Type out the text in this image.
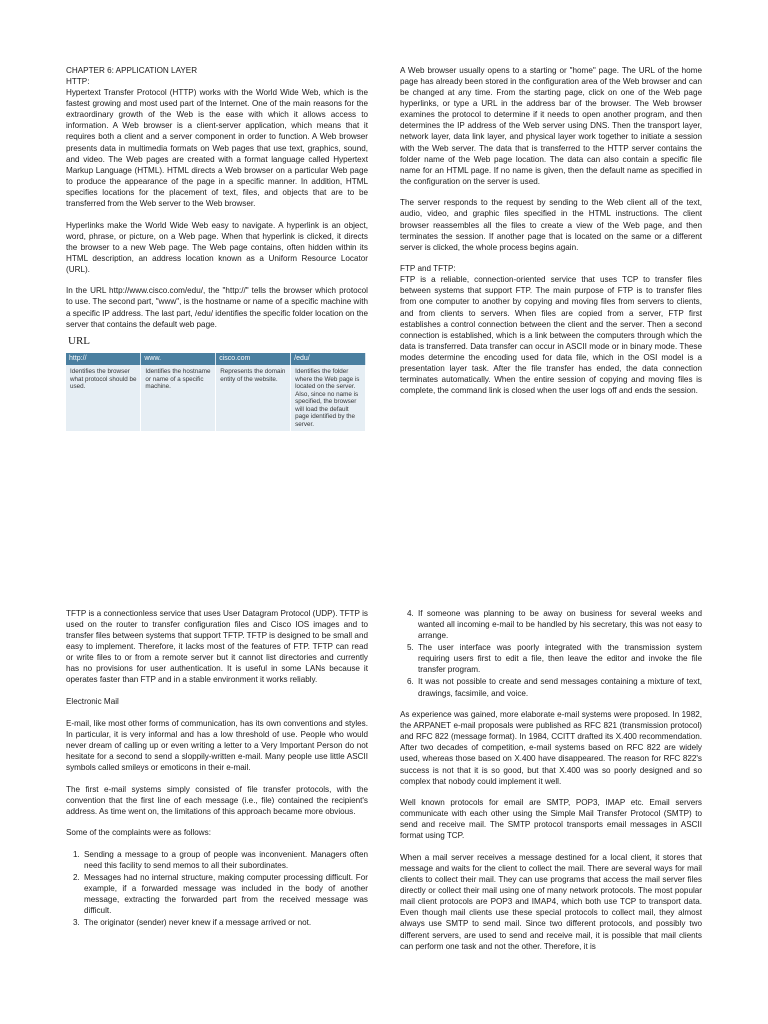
CHAPTER 6: APPLICATION LAYER
HTTP:

Hypertext Transfer Protocol (HTTP) works with the World Wide Web, which is the fastest growing and most used part of the Internet. One of the main reasons for the extraordinary growth of the Web is the ease with which it allows access to information. A Web browser is a client-server application, which means that it requires both a client and a server component in order to function. A Web browser presents data in multimedia formats on Web pages that use text, graphics, sound, and video. The Web pages are created with a format language called Hypertext Markup Language (HTML). HTML directs a Web browser on a particular Web page to produce the appearance of the page in a specific manner. In addition, HTML specifies locations for the placement of text, files, and objects that are to be transferred from the Web server to the Web browser.

Hyperlinks make the World Wide Web easy to navigate. A hyperlink is an object, word, phrase, or picture, on a Web page. When that hyperlink is clicked, it directs the browser to a new Web page. The Web page contains, often hidden within its HTML description, an address location known as a Uniform Resource Locator (URL).

In the URL http://www.cisco.com/edu/, the "http://" tells the browser which protocol to use. The second part, "www", is the hostname or name of a specific machine with a specific IP address. The last part, /edu/ identifies the specific folder location on the server that contains the default web page.

URL
http://	www.	cisco.com	/edu/
Identifies the browser what protocol should be used.	Identifies the hostname or name of a specific machine.	Represents the domain entity of the website.	Identifies the folder where the Web page is located on the server. Also, since no name is specified, the browser will load the default page identified by the server.

A Web browser usually opens to a starting or "home" page. The URL of the home page has already been stored in the configuration area of the Web browser and can be changed at any time. From the starting page, click on one of the Web page hyperlinks, or type a URL in the address bar of the browser. The Web browser examines the protocol to determine if it needs to open another program, and then determines the IP address of the Web server using DNS. Then the transport layer, network layer, data link layer, and physical layer work together to initiate a session with the Web server. The data that is transferred to the HTTP server contains the folder name of the Web page location. The data can also contain a specific file name for an HTML page. If no name is given, then the default name as specified in the configuration on the server is used.

The server responds to the request by sending to the Web client all of the text, audio, video, and graphic files specified in the HTML instructions. The client browser reassembles all the files to create a view of the Web page, and then terminates the session. If another page that is located on the same or a different server is clicked, the whole process begins again.

FTP and TFTP:

FTP is a reliable, connection-oriented service that uses TCP to transfer files between systems that support FTP. The main purpose of FTP is to transfer files from one computer to another by copying and moving files from servers to clients, and from clients to servers. When files are copied from a server, FTP first establishes a control connection between the client and the server. Then a second connection is established, which is a link between the computers through which the data is transferred. Data transfer can occur in ASCII mode or in binary mode. These modes determine the encoding used for data file, which in the OSI model is a presentation layer task. After the file transfer has ended, the data connection terminates automatically. When the entire session of copying and moving files is complete, the command link is closed when the user logs off and ends the session.

TFTP is a connectionless service that uses User Datagram Protocol (UDP). TFTP is used on the router to transfer configuration files and Cisco IOS images and to transfer files between systems that support TFTP. TFTP is designed to be small and easy to implement. Therefore, it lacks most of the features of FTP. TFTP can read or write files to or from a remote server but it cannot list directories and currently has no provisions for user authentication. It is useful in some LANs because it operates faster than FTP and in a stable environment it works reliably.

Electronic Mail

E-mail, like most other forms of communication, has its own conventions and styles. In particular, it is very informal and has a low threshold of use. People who would never dream of calling up or even writing a letter to a Very Important Person do not hesitate for a second to send a sloppily-written e-mail. Many people use little ASCII symbols called smileys or emoticons in their e-mail.

The first e-mail systems simply consisted of file transfer protocols, with the convention that the first line of each message (i.e., file) contained the recipient's address. As time went on, the limitations of this approach became more obvious.

Some of the complaints were as follows:

1. Sending a message to a group of people was inconvenient. Managers often need this facility to send memos to all their subordinates.
2. Messages had no internal structure, making computer processing difficult. For example, if a forwarded message was included in the body of another message, extracting the forwarded part from the received message was difficult.
3. The originator (sender) never knew if a message arrived or not.
4. If someone was planning to be away on business for several weeks and wanted all incoming e-mail to be handled by his secretary, this was not easy to arrange.
5. The user interface was poorly integrated with the transmission system requiring users first to edit a file, then leave the editor and invoke the file transfer program.
6. It was not possible to create and send messages containing a mixture of text, drawings, facsimile, and voice.

As experience was gained, more elaborate e-mail systems were proposed. In 1982, the ARPANET e-mail proposals were published as RFC 821 (transmission protocol) and RFC 822 (message format). In 1984, CCITT drafted its X.400 recommendation. After two decades of competition, e-mail systems based on RFC 822 are widely used, whereas those based on X.400 have disappeared. The reason for RFC 822's success is not that it is so good, but that X.400 was so poorly designed and so complex that nobody could implement it well.

Well known protocols for email are SMTP, POP3, IMAP etc. Email servers communicate with each other using the Simple Mail Transfer Protocol (SMTP) to send and receive mail. The SMTP protocol transports email messages in ASCII format using TCP.

When a mail server receives a message destined for a local client, it stores that message and waits for the client to collect the mail. There are several ways for mail clients to collect their mail. They can use programs that access the mail server files directly or collect their mail using one of many network protocols. The most popular mail client protocols are POP3 and IMAP4, which both use TCP to transport data. Even though mail clients use these special protocols to collect mail, they almost always use SMTP to send mail. Since two different protocols, and possibly two different servers, are used to send and receive mail, it is possible that mail clients can perform one task and not the other. Therefore, it is
